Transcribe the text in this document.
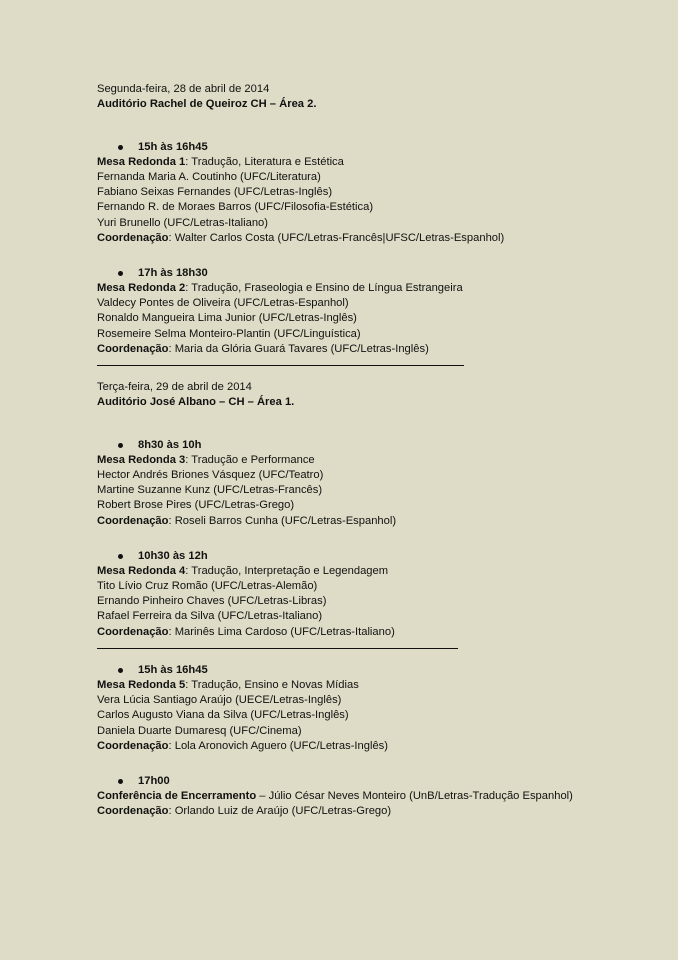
Segunda-feira, 28 de abril de 2014
Auditório Rachel de Queiroz CH – Área 2.
15h às 16h45
Mesa Redonda 1: Tradução, Literatura e Estética
Fernanda Maria A. Coutinho (UFC/Literatura)
Fabiano Seixas Fernandes (UFC/Letras-Inglês)
Fernando R. de Moraes Barros (UFC/Filosofia-Estética)
Yuri Brunello (UFC/Letras-Italiano)
Coordenação: Walter Carlos Costa (UFC/Letras-Francês|UFSC/Letras-Espanhol)
17h às 18h30
Mesa Redonda 2: Tradução, Fraseologia e Ensino de Língua Estrangeira
Valdecy Pontes de Oliveira (UFC/Letras-Espanhol)
Ronaldo Mangueira Lima Junior (UFC/Letras-Inglês)
Rosemeire Selma Monteiro-Plantin (UFC/Linguística)
Coordenação: Maria da Glória Guará Tavares (UFC/Letras-Inglês)
Terça-feira, 29 de abril de 2014
Auditório José Albano – CH – Área 1.
8h30 às 10h
Mesa Redonda 3: Tradução e Performance
Hector Andrés Briones Vásquez (UFC/Teatro)
Martine Suzanne Kunz (UFC/Letras-Francês)
Robert Brose Pires (UFC/Letras-Grego)
Coordenação: Roseli Barros Cunha (UFC/Letras-Espanhol)
10h30 às 12h
Mesa Redonda 4: Tradução, Interpretação e Legendagem
Tito Lívio Cruz Romão (UFC/Letras-Alemão)
Ernando Pinheiro Chaves (UFC/Letras-Libras)
Rafael Ferreira da Silva (UFC/Letras-Italiano)
Coordenação: Marinês Lima Cardoso (UFC/Letras-Italiano)
15h às 16h45
Mesa Redonda 5: Tradução, Ensino e Novas Mídias
Vera Lúcia Santiago Araújo (UECE/Letras-Inglês)
Carlos Augusto Viana da Silva (UFC/Letras-Inglês)
Daniela Duarte Dumaresq (UFC/Cinema)
Coordenação: Lola Aronovich Aguero (UFC/Letras-Inglês)
17h00
Conferência de Encerramento – Júlio César Neves Monteiro (UnB/Letras-Tradução Espanhol)
Coordenação: Orlando Luiz de Araújo (UFC/Letras-Grego)
